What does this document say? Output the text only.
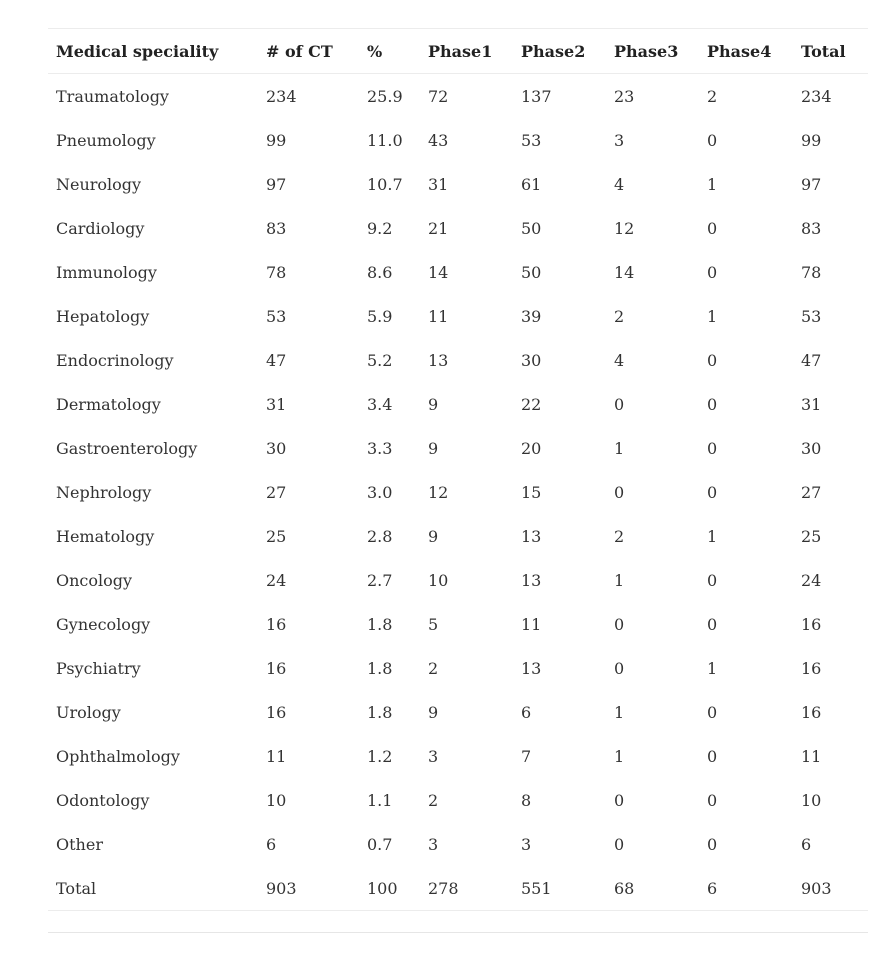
Medical speciality	# of CT	%	Phase1	Phase2	Phase3	Phase4	Total
Traumatology	234	25.9	72	137	23	2	234
Pneumology	99	11.0	43	53	3	0	99
Neurology	97	10.7	31	61	4	1	97
Cardiology	83	9.2	21	50	12	0	83
Immunology	78	8.6	14	50	14	0	78
Hepatology	53	5.9	11	39	2	1	53
Endocrinology	47	5.2	13	30	4	0	47
Dermatology	31	3.4	9	22	0	0	31
Gastroenterology	30	3.3	9	20	1	0	30
Nephrology	27	3.0	12	15	0	0	27
Hematology	25	2.8	9	13	2	1	25
Oncology	24	2.7	10	13	1	0	24
Gynecology	16	1.8	5	11	0	0	16
Psychiatry	16	1.8	2	13	0	1	16
Urology	16	1.8	9	6	1	0	16
Ophthalmology	11	1.2	3	7	1	0	11
Odontology	10	1.1	2	8	0	0	10
Other	6	0.7	3	3	0	0	6
Total	903	100	278	551	68	6	903
